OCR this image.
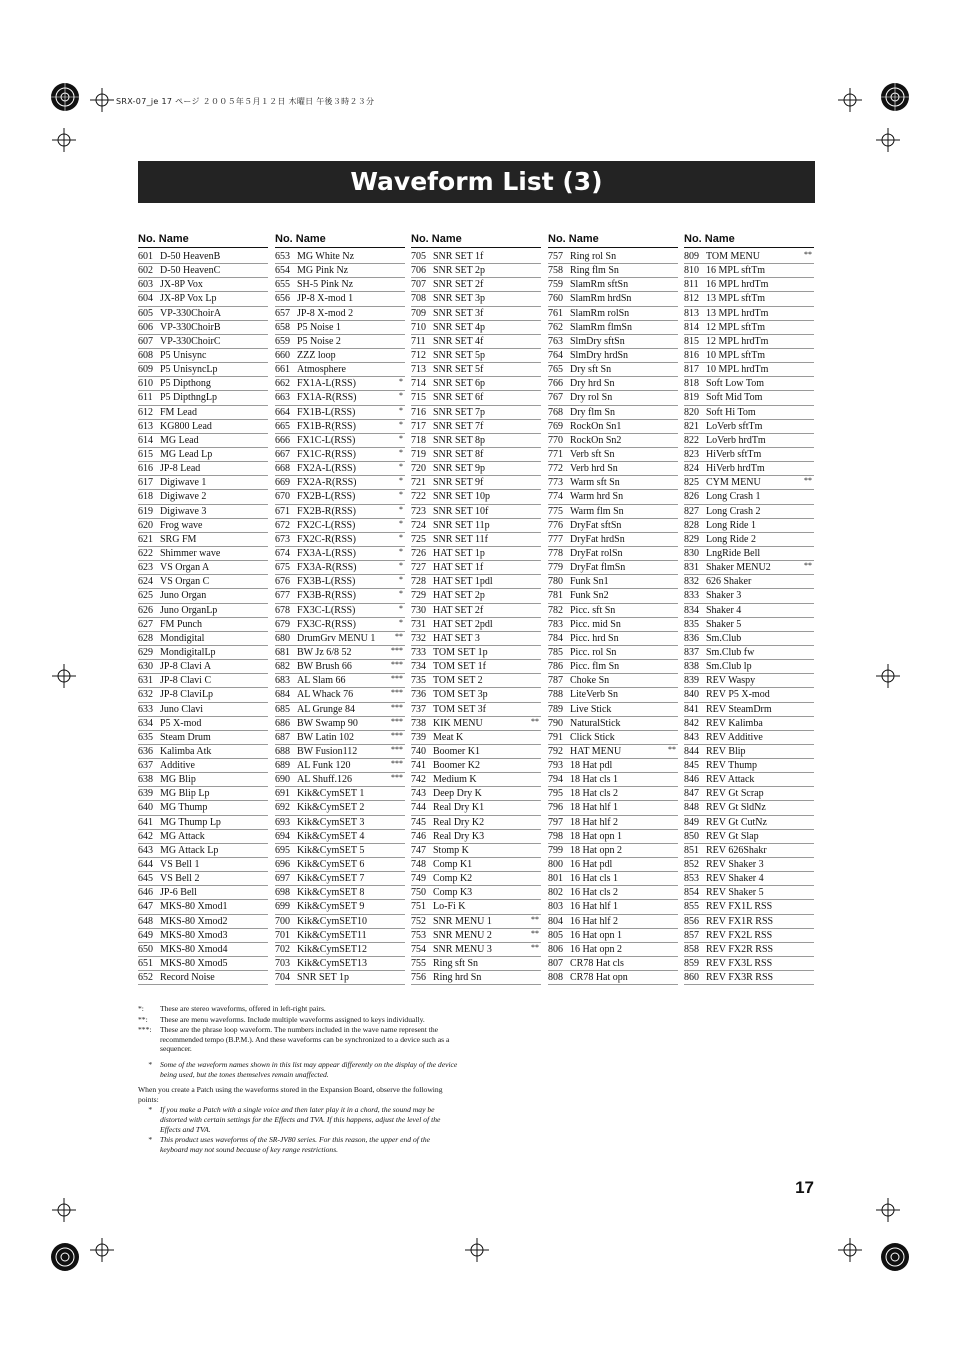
SRX-07_je 17 ページ ２００５年５月１２日 木曜日 午後３時２３分
Waveform List (3)
No. Name
601 D-50 HeavenB
602 D-50 HeavenC
603 JX-8P Vox
604 JX-8P Vox Lp
605 VP-330ChoirA
606 VP-330ChoirB
607 VP-330ChoirC
608 P5 Unisync
609 P5 UnisyncLp
610 P5 Dipthong
611 P5 DipthngLp
612 FM Lead
613 KG800 Lead
614 MG Lead
615 MG Lead Lp
616 JP-8 Lead
617 Digiwave 1
618 Digiwave 2
619 Digiwave 3
620 Frog wave
621 SRG FM
622 Shimmer wave
623 VS Organ A
624 VS Organ C
625 Juno Organ
626 Juno OrganLp
627 FM Punch
628 Mondigital
629 MondigitalLp
630 JP-8 Clavi A
631 JP-8 Clavi C
632 JP-8 ClaviLp
633 Juno Clavi
634 P5 X-mod
635 Steam Drum
636 Kalimba Atk
637 Additive
638 MG Blip
639 MG Blip Lp
640 MG Thump
641 MG Thump Lp
642 MG Attack
643 MG Attack Lp
644 VS Bell 1
645 VS Bell 2
646 JP-6 Bell
647 MKS-80 Xmod1
648 MKS-80 Xmod2
649 MKS-80 Xmod3
650 MKS-80 Xmod4
651 MKS-80 Xmod5
652 Record Noise
No. Name
653 MG White Nz
654 MG Pink Nz
655 SH-5 Pink Nz
656 JP-8 X-mod 1
657 JP-8 X-mod 2
658 P5 Noise 1
659 P5 Noise 2
660 ZZZ loop
661 Atmosphere
662 FX1A-L(RSS)	*
663 FX1A-R(RSS)	*
664 FX1B-L(RSS)	*
665 FX1B-R(RSS)	*
666 FX1C-L(RSS)	*
667 FX1C-R(RSS)	*
668 FX2A-L(RSS)	*
669 FX2A-R(RSS)	*
670 FX2B-L(RSS)	*
671 FX2B-R(RSS)	*
672 FX2C-L(RSS)	*
673 FX2C-R(RSS)	*
674 FX3A-L(RSS)	*
675 FX3A-R(RSS)	*
676 FX3B-L(RSS)	*
677 FX3B-R(RSS)	*
678 FX3C-L(RSS)	*
679 FX3C-R(RSS)	*
680 DrumGrv MENU 1 **
681 BW Jz 6/8 52	***
682 BW Brush 66	***
683 AL Slam 66	***
684 AL Whack 76	***
685 AL Grunge 84	***
686 BW Swamp 90	***
687 BW Latin 102	***
688 BW Fusion112	***
689 AL Funk 120	***
690 AL Shuff.126	***
691 Kik&CymSET 1
692 Kik&CymSET 2
693 Kik&CymSET 3
694 Kik&CymSET 4
695 Kik&CymSET 5
696 Kik&CymSET 6
697 Kik&CymSET 7
698 Kik&CymSET 8
699 Kik&CymSET 9
700 Kik&CymSET10
701 Kik&CymSET11
702 Kik&CymSET12
703 Kik&CymSET13
704 SNR SET 1p
No. Name
705 SNR SET 1f
706 SNR SET 2p
707 SNR SET 2f
708 SNR SET 3p
709 SNR SET 3f
710 SNR SET 4p
711 SNR SET 4f
712 SNR SET 5p
713 SNR SET 5f
714 SNR SET 6p
715 SNR SET 6f
716 SNR SET 7p
717 SNR SET 7f
718 SNR SET 8p
719 SNR SET 8f
720 SNR SET 9p
721 SNR SET 9f
722 SNR SET 10p
723 SNR SET 10f
724 SNR SET 11p
725 SNR SET 11f
726 HAT SET 1p
727 HAT SET 1f
728 HAT SET 1pdl
729 HAT SET 2p
730 HAT SET 2f
731 HAT SET 2pdl
732 HAT SET 3
733 TOM SET 1p
734 TOM SET 1f
735 TOM SET 2
736 TOM SET 3p
737 TOM SET 3f
738 KIK MENU	**
739 Meat K
740 Boomer K1
741 Boomer K2
742 Medium K
743 Deep Dry K
744 Real Dry K1
745 Real Dry K2
746 Real Dry K3
747 Stomp K
748 Comp K1
749 Comp K2
750 Comp K3
751 Lo-Fi K
752 SNR MENU 1	**
753 SNR MENU 2	**
754 SNR MENU 3	**
755 Ring sft Sn
756 Ring hrd Sn
No. Name
757 Ring rol Sn
758 Ring flm Sn
759 SlamRm sftSn
760 SlamRm hrdSn
761 SlamRm rolSn
762 SlamRm flmSn
763 SlmDry sftSn
764 SlmDry hrdSn
765 Dry sft Sn
766 Dry hrd Sn
767 Dry rol Sn
768 Dry flm Sn
769 RockOn Sn1
770 RockOn Sn2
771 Verb sft Sn
772 Verb hrd Sn
773 Warm sft Sn
774 Warm hrd Sn
775 Warm flm Sn
776 DryFat sftSn
777 DryFat hrdSn
778 DryFat rolSn
779 DryFat flmSn
780 Funk Sn1
781 Funk Sn2
782 Picc. sft Sn
783 Picc. mid Sn
784 Picc. hrd Sn
785 Picc. rol Sn
786 Picc. flm Sn
787 Choke Sn
788 LiteVerb Sn
789 Live Stick
790 NaturalStick
791 Click Stick
792 HAT MENU	**
793 18 Hat pdl
794 18 Hat cls 1
795 18 Hat cls 2
796 18 Hat hlf 1
797 18 Hat hlf 2
798 18 Hat opn 1
799 18 Hat opn 2
800 16 Hat pdl
801 16 Hat cls 1
802 16 Hat cls 2
803 16 Hat hlf 1
804 16 Hat hlf 2
805 16 Hat opn 1
806 16 Hat opn 2
807 CR78 Hat cls
808 CR78 Hat opn
No. Name
809 TOM MENU	**
810 16 MPL sftTm
811 16 MPL hrdTm
812 13 MPL sftTm
813 13 MPL hrdTm
814 12 MPL sftTm
815 12 MPL hrdTm
816 10 MPL sftTm
817 10 MPL hrdTm
818 Soft Low Tom
819 Soft Mid Tom
820 Soft Hi Tom
821 LoVerb sftTm
822 LoVerb hrdTm
823 HiVerb sftTm
824 HiVerb hrdTm
825 CYM MENU	**
826 Long Crash 1
827 Long Crash 2
828 Long Ride 1
829 Long Ride 2
830 LngRide Bell
831 Shaker MENU2	**
832 626 Shaker
833 Shaker 3
834 Shaker 4
835 Shaker 5
836 Sm.Club
837 Sm.Club fw
838 Sm.Club lp
839 REV Waspy
840 REV P5 X-mod
841 REV SteamDrm
842 REV Kalimba
843 REV Additive
844 REV Blip
845 REV Thump
846 REV Attack
847 REV Gt Scrap
848 REV Gt SldNz
849 REV Gt CutNz
850 REV Gt Slap
851 REV 626Shakr
852 REV Shaker 3
853 REV Shaker 4
854 REV Shaker 5
855 REV FX1L RSS
856 REV FX1R RSS
857 REV FX2L RSS
858 REV FX2R RSS
859 REV FX3L RSS
860 REV FX3R RSS
*: These are stereo waveforms, offered in left-right pairs.
**: These are menu waveforms. Include multiple waveforms assigned to keys individually.
***: These are the phrase loop waveform. The numbers included in the wave name represent the recommended tempo (B.P.M.). And these waveforms can be synchronized to a device such as a sequencer.
* Some of the waveform names shown in this list may appear differently on the display of the device being used, but the tones themselves remain unaffected.
When you create a Patch using the waveforms stored in the Expansion Board, observe the following points:
* If you make a Patch with a single voice and then later play it in a chord, the sound may be distorted with certain settings for the Effects and TVA. If this happens, adjust the level of the Effects and TVA.
* This product uses waveforms of the SR-JV80 series. For this reason, the upper end of the keyboard may not sound because of key range restrictions.
17
